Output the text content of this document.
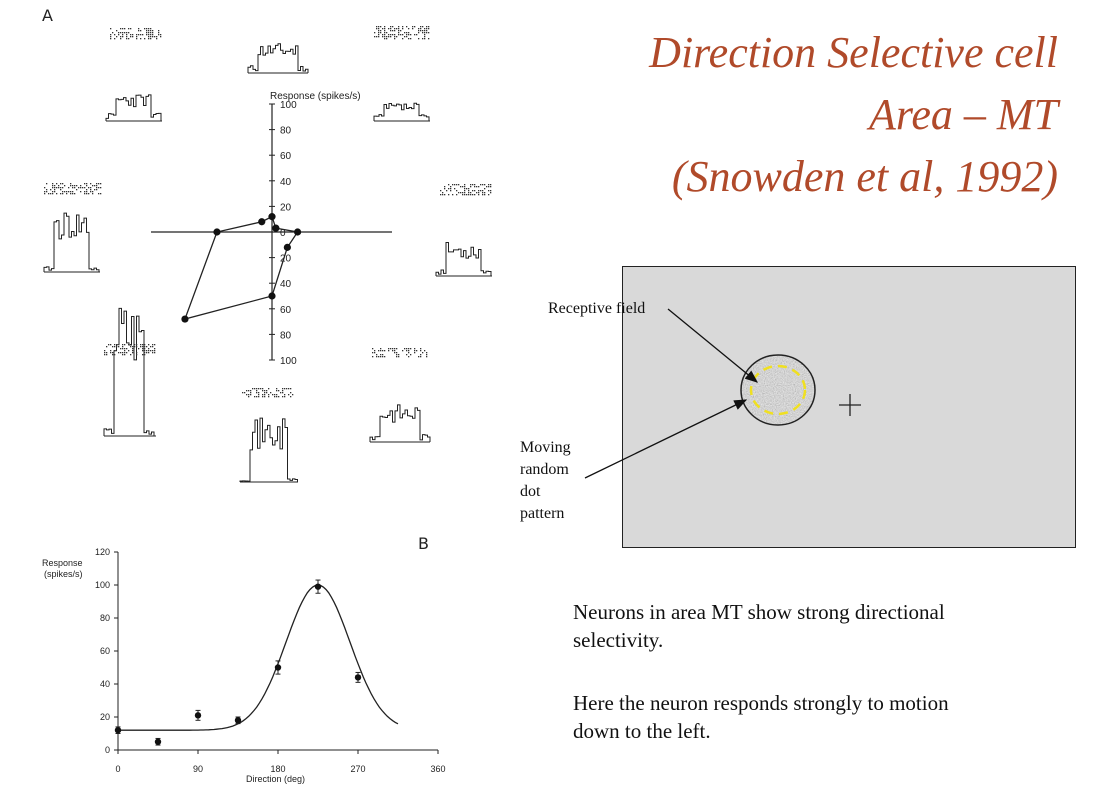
A
B
100
80
60
40
20
0
20
40
60
80
100
Response (spikes/s)
Response
(spikes/s)
0
20
40
60
80
100
120
0	90	180	270	360
Direction (deg)
Direction Selective cell
Area – MT
(Snowden et al, 1992)
Receptive field
Moving
random
dot
pattern
Neurons in area MT show strong directional
selectivity.
Here the neuron responds strongly to motion
down to the left.
